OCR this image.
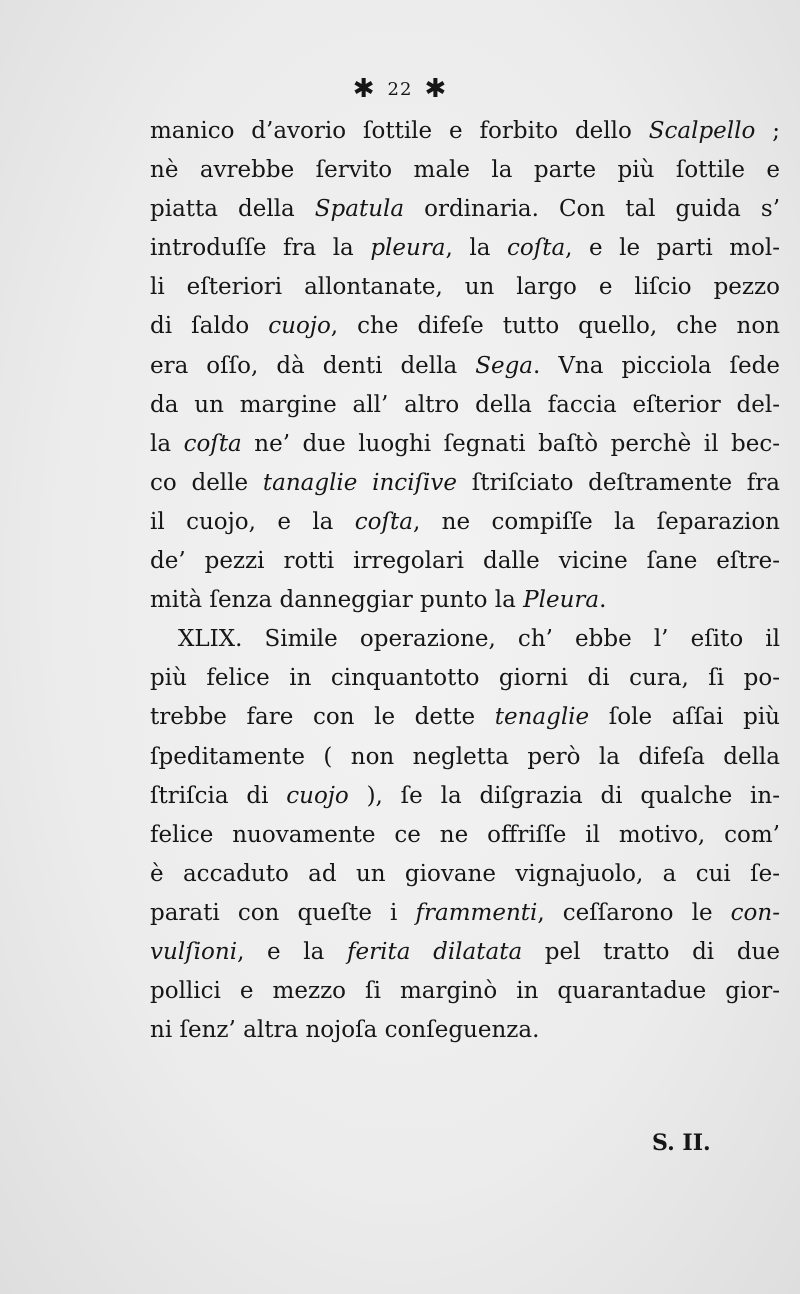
✱ 22 ✱
manico d’avorio ſottile e forbito dello Scalpello ;
nè avrebbe ſervito male la parte più ſottile e
piatta della Spatula ordinaria. Con tal guida s’
introduſſe fra la pleura, la coſta, e le parti mol-
li eſteriori allontanate, un largo e liſcio pezzo
di ſaldo cuojo, che difeſe tutto quello, che non
era oſſo, dà denti della Sega. Vna picciola ſede
da un margine all’ altro della faccia eſterior del-
la coſta ne’ due luoghi ſegnati baſtò perchè il bec-
co delle tanaglie inciſive ſtriſciato deſtramente fra
il cuojo, e la coſta, ne compiſſe la ſeparazion
de’ pezzi rotti irregolari dalle vicine ſane eſtre-
mità ſenza danneggiar punto la Pleura.
XLIX. Simile operazione, ch’ ebbe l’ eſito il
più felice in cinquantotto giorni di cura, ſi po-
trebbe fare con le dette tenaglie ſole aſſai più
ſpeditamente ( non negletta però la difeſa della
ſtriſcia di cuojo ), ſe la diſgrazia di qualche in-
felice nuovamente ce ne offriſſe il motivo, com’
è accaduto ad un giovane vignajuolo, a cui ſe-
parati con queſte i frammenti, ceſſarono le con-
vulſioni, e la ferita dilatata pel tratto di due
pollici e mezzo ſi marginò in quarantadue gior-
ni ſenz’ altra nojoſa conſeguenza.
S. II.
